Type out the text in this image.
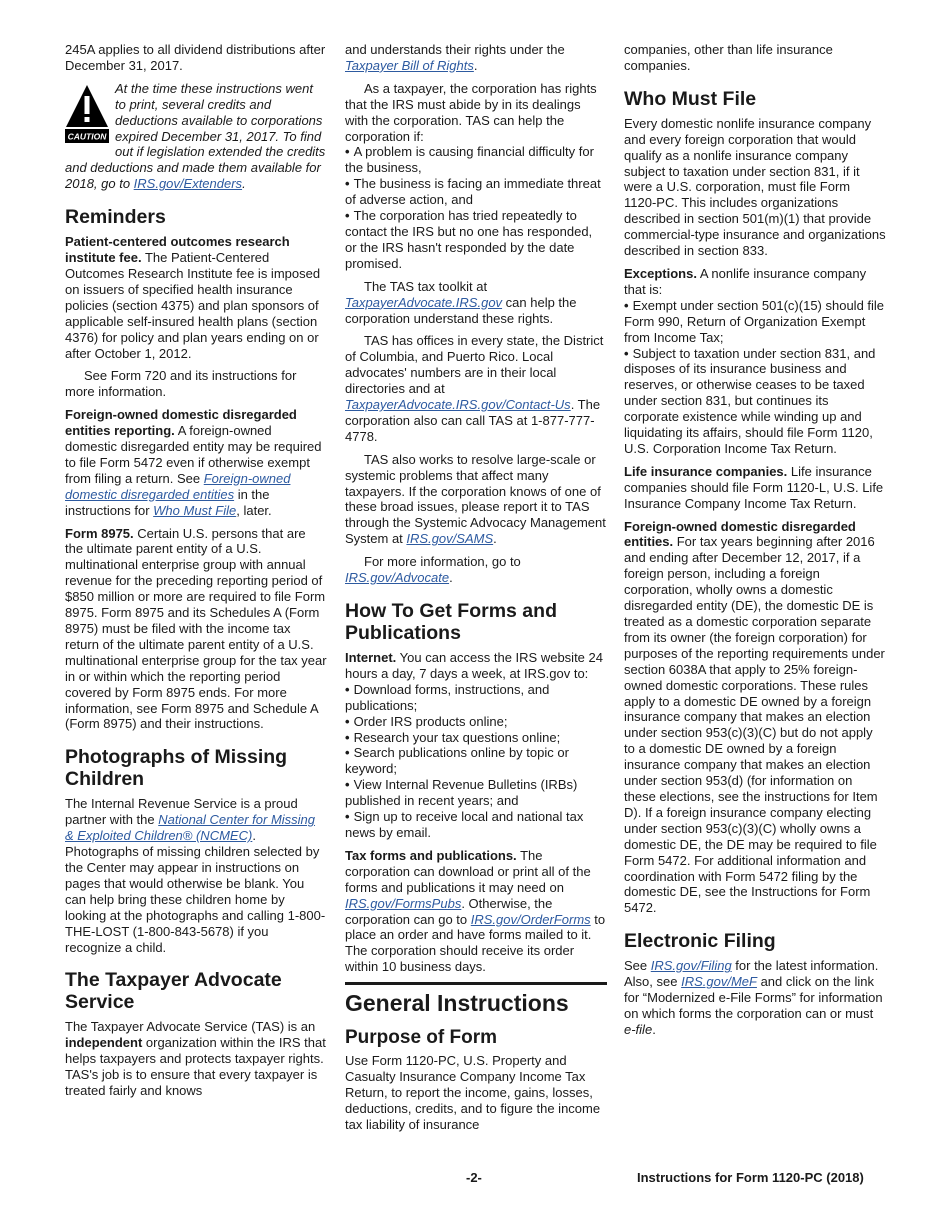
245A applies to all dividend distributions after December 31, 2017.

CAUTION
At the time these instructions went to print, several credits and deductions available to corporations expired December 31, 2017. To find out if legislation extended the credits and deductions and made them available for 2018, go to IRS.gov/Extenders.
Reminders

Patient-centered outcomes research institute fee. The Patient-Centered Outcomes Research Institute fee is imposed on issuers of specified health insurance policies (section 4375) and plan sponsors of applicable self-insured health plans (section 4376) for policy and plan years ending on or after October 1, 2012.

See Form 720 and its instructions for more information.

Foreign-owned domestic disregarded entities reporting. A foreign-owned domestic disregarded entity may be required to file Form 5472 even if otherwise exempt from filing a return. See Foreign-owned domestic disregarded entities in the instructions for Who Must File, later.

Form 8975. Certain U.S. persons that are the ultimate parent entity of a U.S. multinational enterprise group with annual revenue for the preceding reporting period of $850 million or more are required to file Form 8975. Form 8975 and its Schedules A (Form 8975) must be filed with the income tax return of the ultimate parent entity of a U.S. multinational enterprise group for the tax year in or within which the reporting period covered by Form 8975 ends. For more information, see Form 8975 and Schedule A (Form 8975) and their instructions.

Photographs of Missing Children

The Internal Revenue Service is a proud partner with the National Center for Missing & Exploited Children® (NCMEC). Photographs of missing children selected by the Center may appear in instructions on pages that would otherwise be blank. You can help bring these children home by looking at the photographs and calling 1-800-THE-LOST (1-800-843-5678) if you recognize a child.

The Taxpayer Advocate Service

The Taxpayer Advocate Service (TAS) is an independent organization within the IRS that helps taxpayers and protects taxpayer rights. TAS's job is to ensure that every taxpayer is treated fairly and knows

and understands their rights under the Taxpayer Bill of Rights.

As a taxpayer, the corporation has rights that the IRS must abide by in its dealings with the corporation. TAS can help the corporation if:

• A problem is causing financial difficulty for the business,

• The business is facing an immediate threat of adverse action, and

• The corporation has tried repeatedly to contact the IRS but no one has responded, or the IRS hasn't responded by the date promised.

The TAS tax toolkit at TaxpayerAdvocate.IRS.gov can help the corporation understand these rights.

TAS has offices in every state, the District of Columbia, and Puerto Rico. Local advocates' numbers are in their local directories and at TaxpayerAdvocate.IRS.gov/Contact-Us. The corporation also can call TAS at 1-877-777-4778.

TAS also works to resolve large-scale or systemic problems that affect many taxpayers. If the corporation knows of one of these broad issues, please report it to TAS through the Systemic Advocacy Management System at IRS.gov/SAMS.

For more information, go to IRS.gov/Advocate.

How To Get Forms and Publications

Internet. You can access the IRS website 24 hours a day, 7 days a week, at IRS.gov to:

• Download forms, instructions, and publications;

• Order IRS products online;

• Research your tax questions online;

• Search publications online by topic or keyword;

• View Internal Revenue Bulletins (IRBs) published in recent years; and

• Sign up to receive local and national tax news by email.

Tax forms and publications. The corporation can download or print all of the forms and publications it may need on IRS.gov/FormsPubs. Otherwise, the corporation can go to IRS.gov/OrderForms to place an order and have forms mailed to it. The corporation should receive its order within 10 business days.

General Instructions
Purpose of Form

Use Form 1120-PC, U.S. Property and Casualty Insurance Company Income Tax Return, to report the income, gains, losses, deductions, credits, and to figure the income tax liability of insurance

companies, other than life insurance companies.

Who Must File

Every domestic nonlife insurance company and every foreign corporation that would qualify as a nonlife insurance company subject to taxation under section 831, if it were a U.S. corporation, must file Form 1120-PC. This includes organizations described in section 501(m)(1) that provide commercial-type insurance and organizations described in section 833.

Exceptions. A nonlife insurance company that is:

• Exempt under section 501(c)(15) should file Form 990, Return of Organization Exempt from Income Tax;

• Subject to taxation under section 831, and disposes of its insurance business and reserves, or otherwise ceases to be taxed under section 831, but continues its corporate existence while winding up and liquidating its affairs, should file Form 1120, U.S. Corporation Income Tax Return.

Life insurance companies. Life insurance companies should file Form 1120-L, U.S. Life Insurance Company Income Tax Return.

Foreign-owned domestic disregarded entities. For tax years beginning after 2016 and ending after December 12, 2017, if a foreign person, including a foreign corporation, wholly owns a domestic disregarded entity (DE), the domestic DE is treated as a domestic corporation separate from its owner (the foreign corporation) for purposes of the reporting requirements under section 6038A that apply to 25% foreign-owned domestic corporations. These rules apply to a domestic DE owned by a foreign insurance company that makes an election under section 953(c)(3)(C) but do not apply to a domestic DE owned by a foreign insurance company that makes an election under section 953(d) (for information on these elections, see the instructions for Item D). If a foreign insurance company electing under section 953(c)(3)(C) wholly owns a domestic DE, the DE may be required to file Form 5472. For additional information and coordination with Form 5472 filing by the domestic DE, see the Instructions for Form 5472.

Electronic Filing

See IRS.gov/Filing for the latest information. Also, see IRS.gov/MeF and click on the link for “Modernized e-File Forms” for information on which forms the corporation can or must e-file.

-2-	Instructions for Form 1120-PC (2018)
